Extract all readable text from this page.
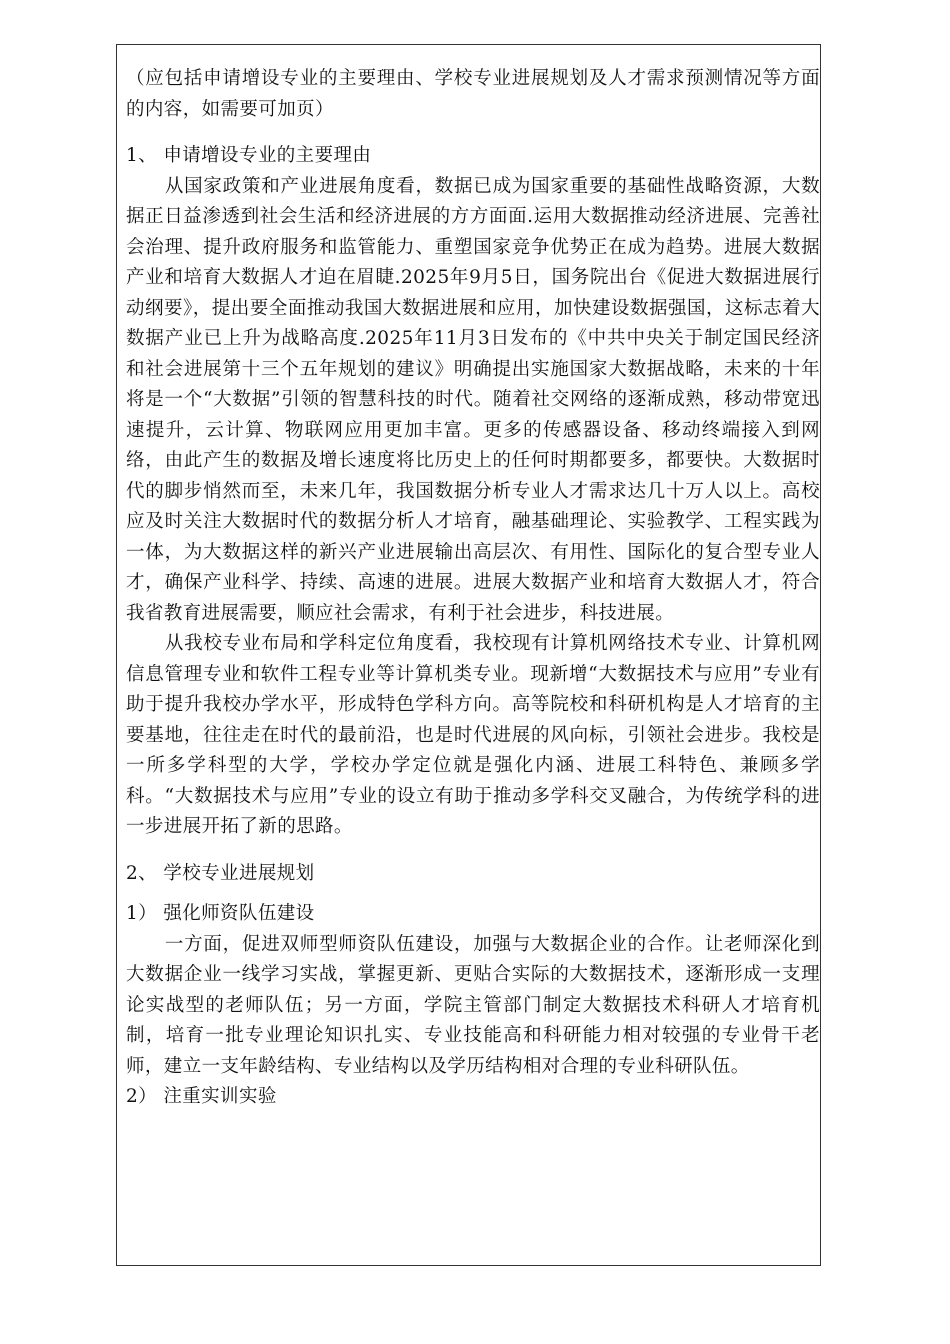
（应包括申请增设专业的主要理由、学校专业进展规划及人才需求预测情况等方面的内容，如需要可加页）

1、 申请增设专业的主要理由

从国家政策和产业进展角度看，数据已成为国家重要的基础性战略资源，大数据正日益渗透到社会生活和经济进展的方方面面.运用大数据推动经济进展、完善社会治理、提升政府服务和监管能力、重塑国家竞争优势正在成为趋势。进展大数据产业和培育大数据人才迫在眉睫.2025年9月5日，国务院出台《促进大数据进展行动纲要》，提出要全面推动我国大数据进展和应用，加快建设数据强国，这标志着大数据产业已上升为战略高度.2025年11月3日发布的《中共中央关于制定国民经济和社会进展第十三个五年规划的建议》明确提出实施国家大数据战略，未来的十年将是一个“大数据”引领的智慧科技的时代。随着社交网络的逐渐成熟，移动带宽迅速提升，云计算、物联网应用更加丰富。更多的传感器设备、移动终端接入到网络，由此产生的数据及增长速度将比历史上的任何时期都要多，都要快。大数据时代的脚步悄然而至，未来几年，我国数据分析专业人才需求达几十万人以上。高校应及时关注大数据时代的数据分析人才培育，融基础理论、实验教学、工程实践为一体，为大数据这样的新兴产业进展输出高层次、有用性、国际化的复合型专业人才，确保产业科学、持续、高速的进展。进展大数据产业和培育大数据人才，符合我省教育进展需要，顺应社会需求，有利于社会进步，科技进展。

从我校专业布局和学科定位角度看，我校现有计算机网络技术专业、计算机网信息管理专业和软件工程专业等计算机类专业。现新增“大数据技术与应用”专业有助于提升我校办学水平，形成特色学科方向。高等院校和科研机构是人才培育的主要基地，往往走在时代的最前沿，也是时代进展的风向标，引领社会进步。我校是一所多学科型的大学，学校办学定位就是强化内涵、进展工科特色、兼顾多学科。“大数据技术与应用”专业的设立有助于推动多学科交叉融合，为传统学科的进一步进展开拓了新的思路。

2、 学校专业进展规划

1） 强化师资队伍建设

一方面，促进双师型师资队伍建设，加强与大数据企业的合作。让老师深化到大数据企业一线学习实战，掌握更新、更贴合实际的大数据技术，逐渐形成一支理论实战型的老师队伍；另一方面，学院主管部门制定大数据技术科研人才培育机制，培育一批专业理论知识扎实、专业技能高和科研能力相对较强的专业骨干老师，建立一支年龄结构、专业结构以及学历结构相对合理的专业科研队伍。

2） 注重实训实验
